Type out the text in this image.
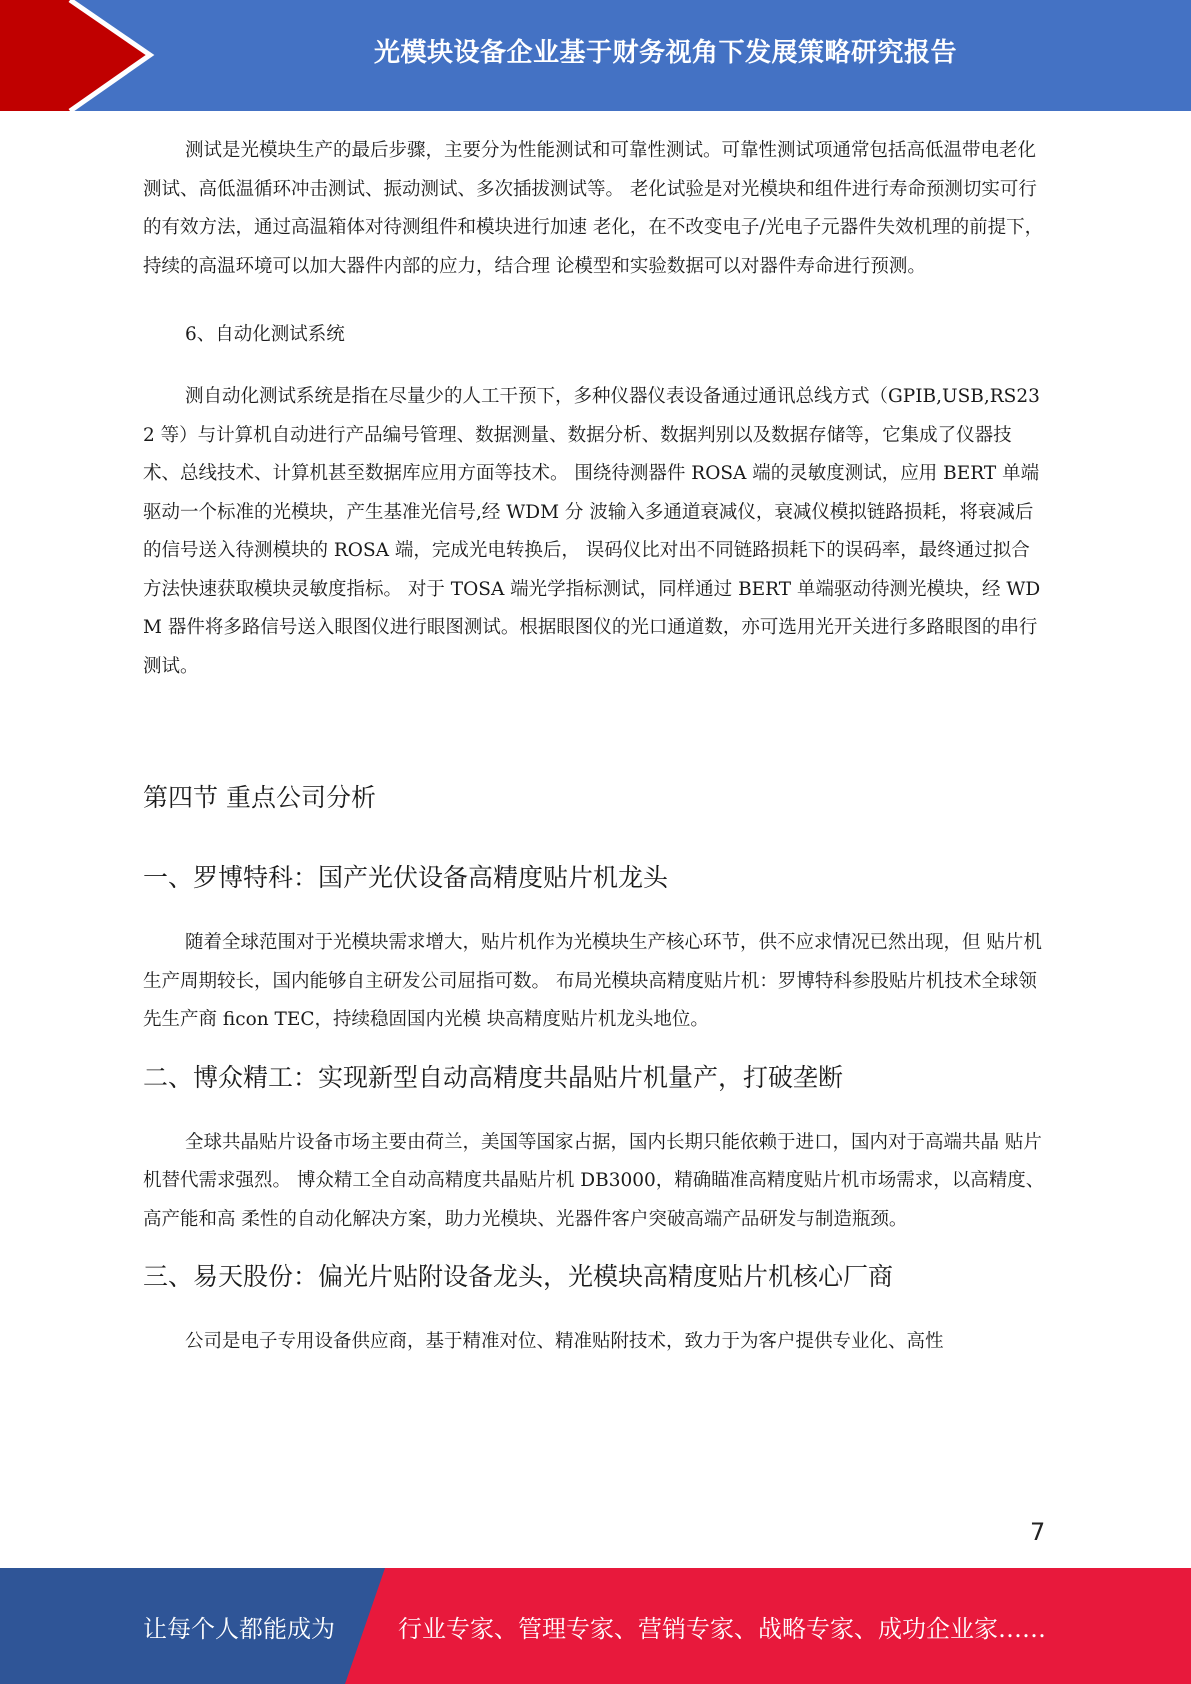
光模块设备企业基于财务视角下发展策略研究报告

测试是光模块生产的最后步骤，主要分为性能测试和可靠性测试。可靠性测试项通常包括高低温带电老化 测试、高低温循环冲击测试、振动测试、多次插拔测试等。 老化试验是对光模块和组件进行寿命预测切实可行的有效方法，通过高温箱体对待测组件和模块进行加速 老化，在不改变电子/光电子元器件失效机理的前提下，持续的高温环境可以加大器件内部的应力，结合理 论模型和实验数据可以对器件寿命进行预测。

6、自动化测试系统

测自动化测试系统是指在尽量少的人工干预下，多种仪器仪表设备通过通讯总线方式（GPIB,USB,RS232 等）与计算机自动进行产品编号管理、数据测量、数据分析、数据判别以及数据存储等，它集成了仪器技 术、总线技术、计算机甚至数据库应用方面等技术。 围绕待测器件 ROSA 端的灵敏度测试，应用 BERT 单端驱动一个标准的光模块，产生基准光信号,经 WDM 分 波输入多通道衰减仪，衰减仪模拟链路损耗，将衰减后的信号送入待测模块的 ROSA 端，完成光电转换后， 误码仪比对出不同链路损耗下的误码率，最终通过拟合方法快速获取模块灵敏度指标。 对于 TOSA 端光学指标测试，同样通过 BERT 单端驱动待测光模块，经 WDM 器件将多路信号送入眼图仪进行眼图测试。根据眼图仪的光口通道数，亦可选用光开关进行多路眼图的串行测试。

第四节 重点公司分析
一、罗博特科：国产光伏设备高精度贴片机龙头

随着全球范围对于光模块需求增大，贴片机作为光模块生产核心环节，供不应求情况已然出现，但 贴片机生产周期较长，国内能够自主研发公司屈指可数。 布局光模块高精度贴片机：罗博特科参股贴片机技术全球领先生产商 ficon TEC，持续稳固国内光模 块高精度贴片机龙头地位。

二、博众精工：实现新型自动高精度共晶贴片机量产，打破垄断

全球共晶贴片设备市场主要由荷兰，美国等国家占据，国内长期只能依赖于进口，国内对于高端共晶 贴片机替代需求强烈。 博众精工全自动高精度共晶贴片机 DB3000，精确瞄准高精度贴片机市场需求，以高精度、高产能和高 柔性的自动化解决方案，助力光模块、光器件客户突破高端产品研发与制造瓶颈。

三、易天股份：偏光片贴附设备龙头，光模块高精度贴片机核心厂商

公司是电子专用设备供应商，基于精准对位、精准贴附技术，致力于为客户提供专业化、高性

7
让每个人都能成为	行业专家、管理专家、营销专家、战略专家、成功企业家……
